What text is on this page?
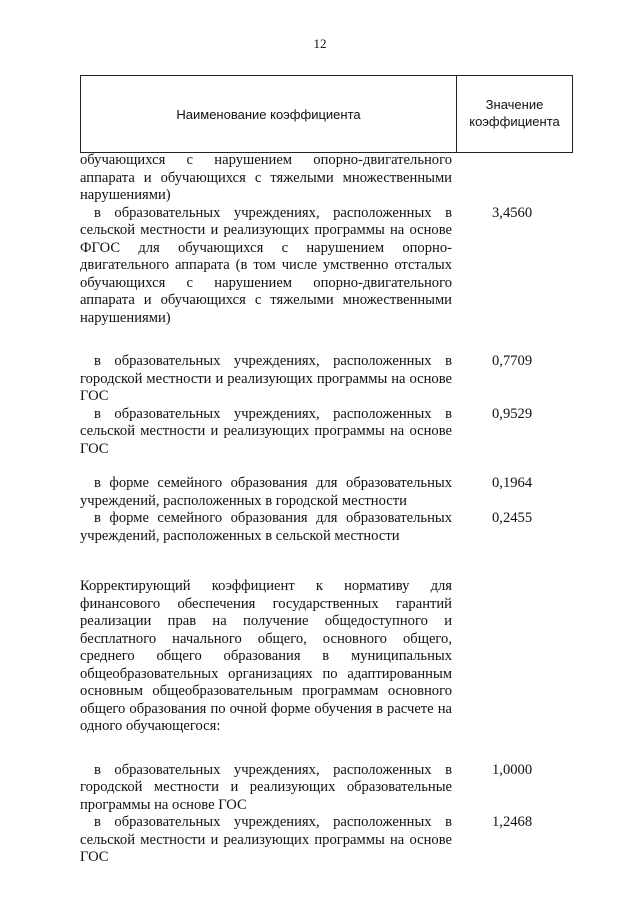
12
Наименование коэффициента
Значение
коэффициента
обучающихся с нарушением опорно-двигательного аппарата и обучающихся с тяжелыми множественными нарушениями)
в образовательных учреждениях, расположенных в сельской местности и реализующих программы на основе ФГОС для обучающихся с нарушением опорно-двигательного аппарата (в том числе умственно отсталых обучающихся с нарушением опорно-двигательного аппарата и обучающихся с тяжелыми множественными нарушениями)
3,4560
в образовательных учреждениях, расположенных в городской местности и реализующих программы на основе ГОС
0,7709
в образовательных учреждениях, расположенных в сельской местности и реализующих программы на основе ГОС
0,9529
в форме семейного образования для образовательных учреждений, расположенных в городской местности
0,1964
в форме семейного образования для образовательных учреждений, расположенных в сельской местности
0,2455
Корректирующий коэффициент к нормативу для финансового обеспечения государственных гарантий реализации прав на получение общедоступного и бесплатного начального общего, основного общего, среднего общего образования в муниципальных общеобразовательных организациях по адаптированным основным общеобразовательным программам основного общего образования по очной форме обучения в расчете на одного обучающегося:
в образовательных учреждениях, расположенных в городской местности и реализующих образовательные программы на основе ГОС
1,0000
в образовательных учреждениях, расположенных в сельской местности и реализующих программы на основе ГОС
1,2468
